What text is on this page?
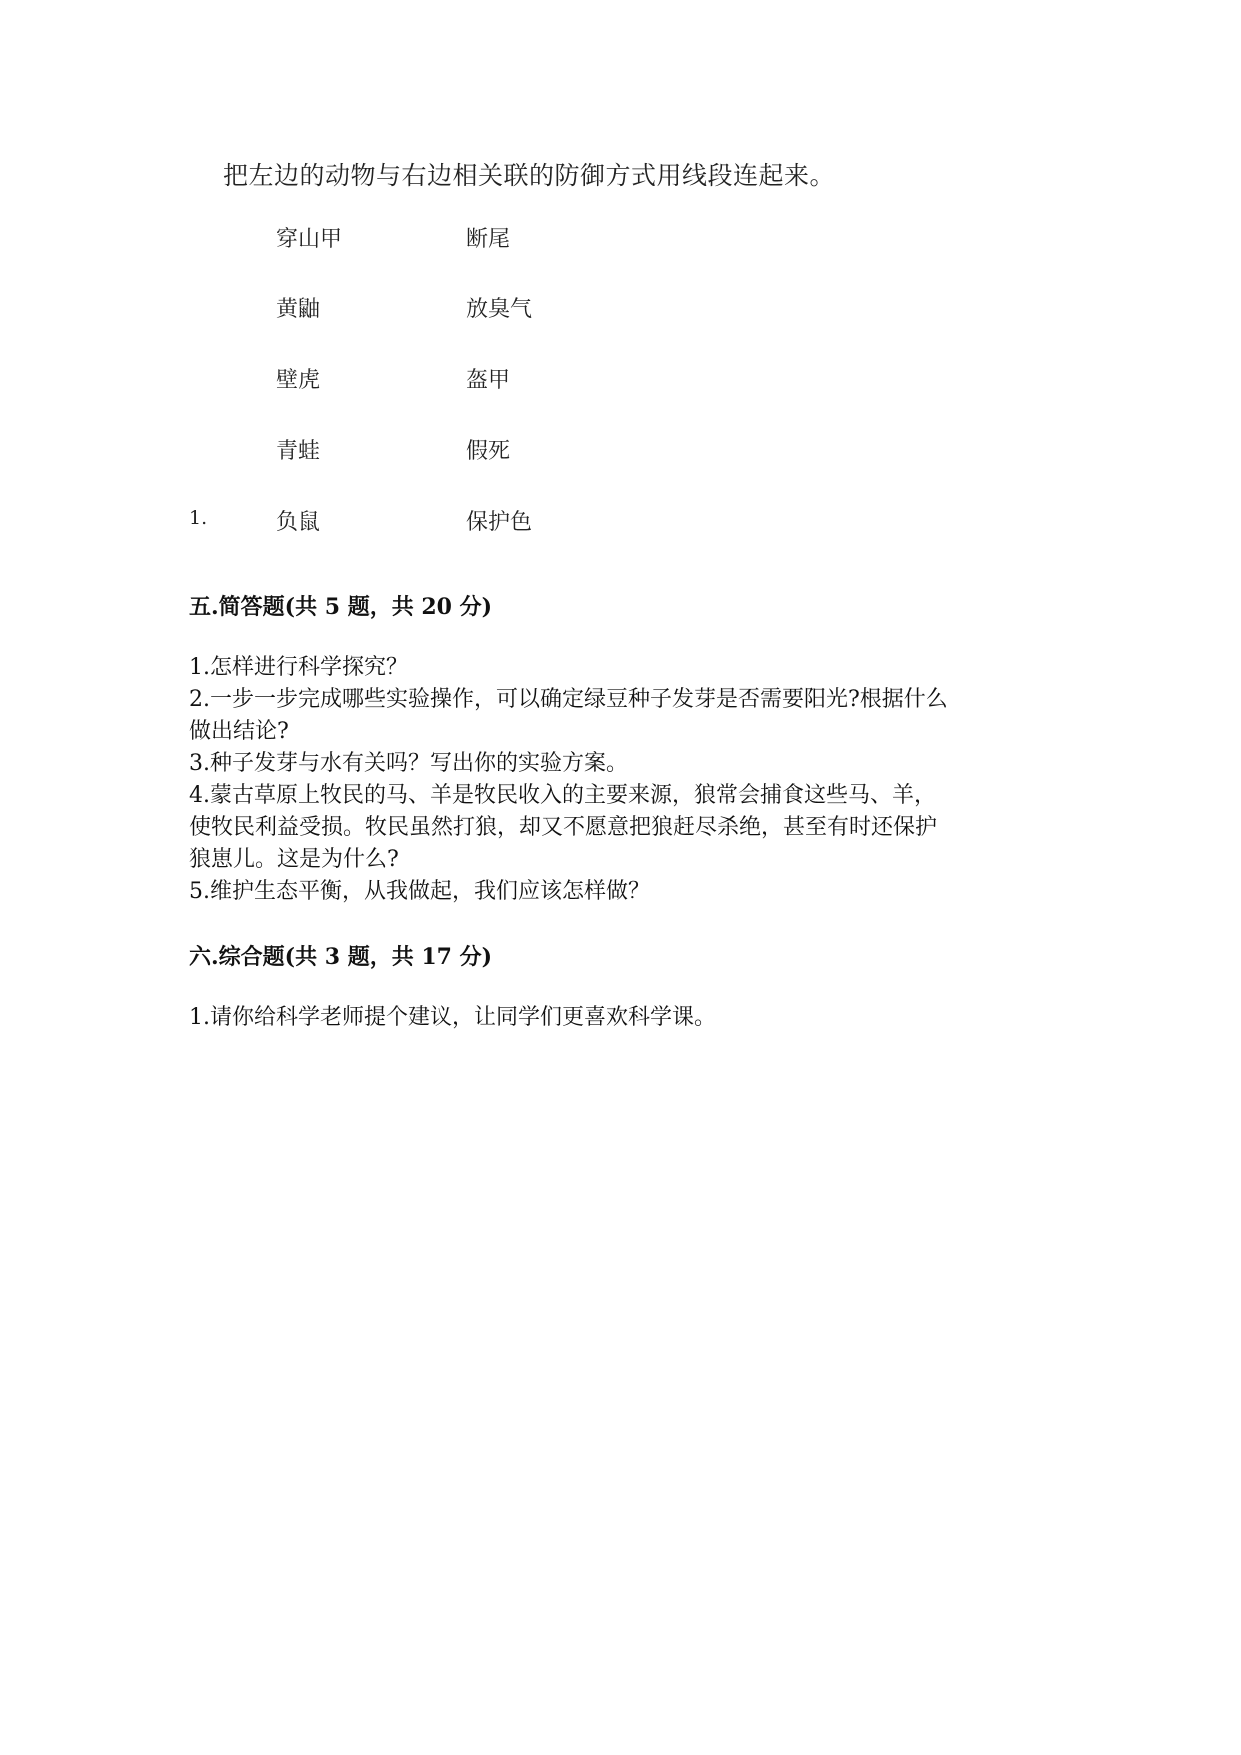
把左边的动物与右边相关联的防御方式用线段连起来。
穿山甲	断尾
黄鼬	放臭气
壁虎	盔甲
青蛙	假死
1.	负鼠	保护色
五.简答题(共 5 题，共 20 分)
1.怎样进行科学探究？
2.一步一步完成哪些实验操作，可以确定绿豆种子发芽是否需要阳光?根据什么
做出结论?
3.种子发芽与水有关吗？写出你的实验方案。
4.蒙古草原上牧民的马、羊是牧民收入的主要来源，狼常会捕食这些马、羊，
使牧民利益受损。牧民虽然打狼，却又不愿意把狼赶尽杀绝，甚至有时还保护
狼崽儿。这是为什么?
5.维护生态平衡，从我做起，我们应该怎样做？
六.综合题(共 3 题，共 17 分)
1.请你给科学老师提个建议，让同学们更喜欢科学课。
